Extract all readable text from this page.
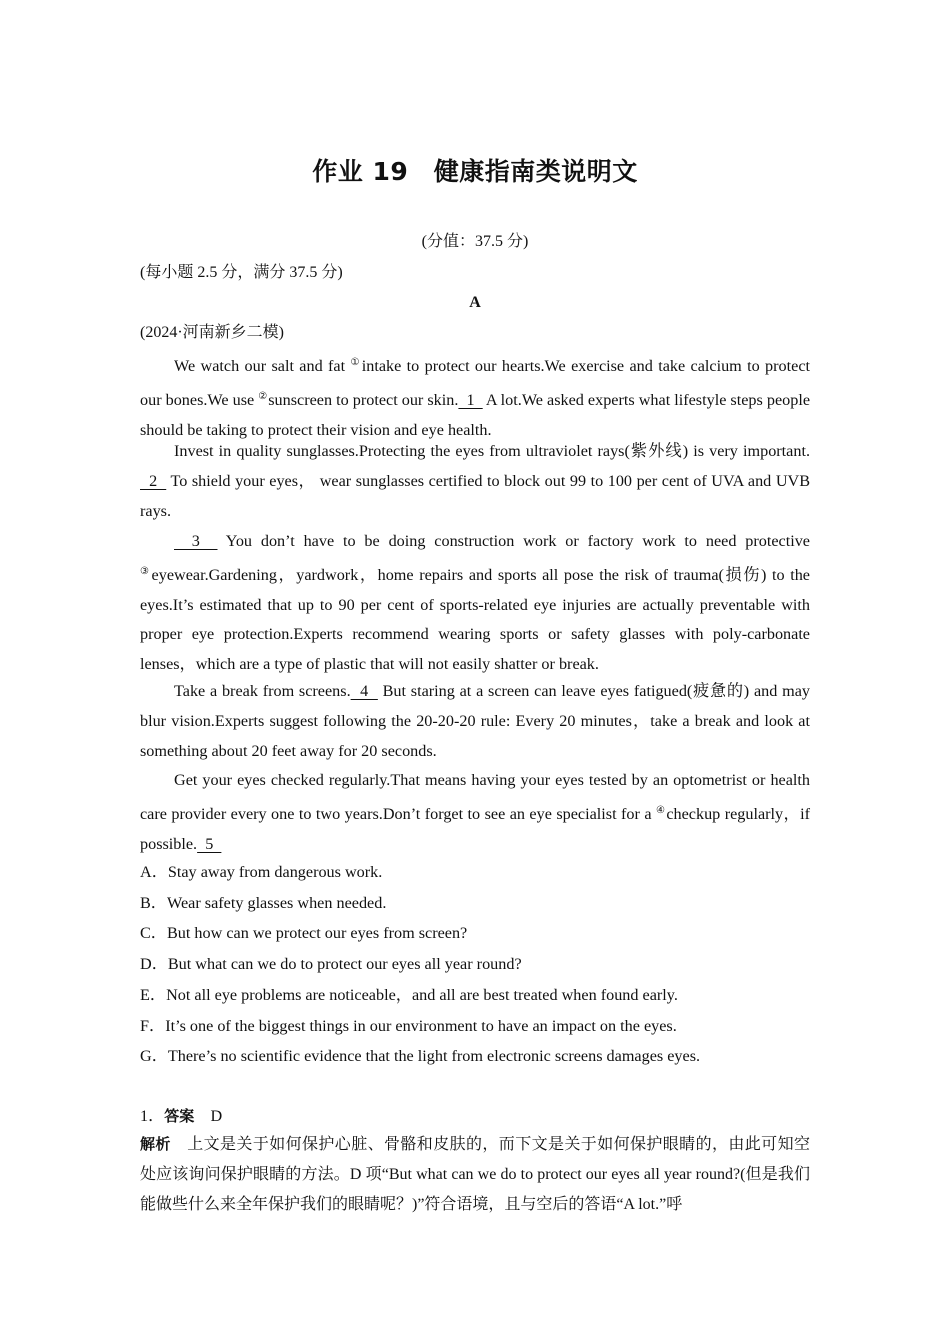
作业 19　健康指南类说明文
(分值：37.5 分)
(每小题 2.5 分，满分 37.5 分)
A
(2024·河南新乡二模)
We watch our salt and fat ①intake to protect our hearts.We exercise and take calcium to protect our bones.We use ②sunscreen to protect our skin.  1   A lot.We asked experts what lifestyle steps people should be taking to protect their vision and eye health.
Invest in quality sunglasses.Protecting the eyes from ultraviolet rays(紫外线) is very important.  2   To shield your eyes， wear sunglasses certified to block out 99 to 100 per cent of UVA and UVB rays.
3   You don’t have to be doing construction work or factory work to need protective ③eyewear.Gardening，yardwork，home repairs and sports all pose the risk of trauma(损伤) to the eyes.It’s estimated that up to 90 per cent of sports-related eye injuries are actually preventable with proper eye protection.Experts recommend wearing sports or safety glasses with poly-carbonate lenses，which are a type of plastic that will not easily shatter or break.
Take a break from screens.  4   But staring at a screen can leave eyes fatigued(疲惫的) and may blur vision.Experts suggest following the 20-20-20 rule: Every 20 minutes，take a break and look at something about 20 feet away for 20 seconds.
Get your eyes checked regularly.That means having your eyes tested by an optometrist or health care provider every one to two years.Don’t forget to see an eye specialist for a ④checkup regularly，if possible.  5
A．Stay away from dangerous work.
B．Wear safety glasses when needed.
C．But how can we protect our eyes from screen?
D．But what can we do to protect our eyes all year round?
E．Not all eye problems are noticeable，and all are best treated when found early.
F．It’s one of the biggest things in our environment to have an impact on the eyes.
G．There’s no scientific evidence that the light from electronic screens damages eyes.
1．答案　 D
解析　 上文是关于如何保护心脏、骨骼和皮肤的，而下文是关于如何保护眼睛的，由此可知空处应该询问保护眼睛的方法。D 项“But what can we do to protect our eyes all year round?(但是我们能做些什么来全年保护我们的眼睛呢？)”符合语境，且与空后的答语“A lot.”呼
